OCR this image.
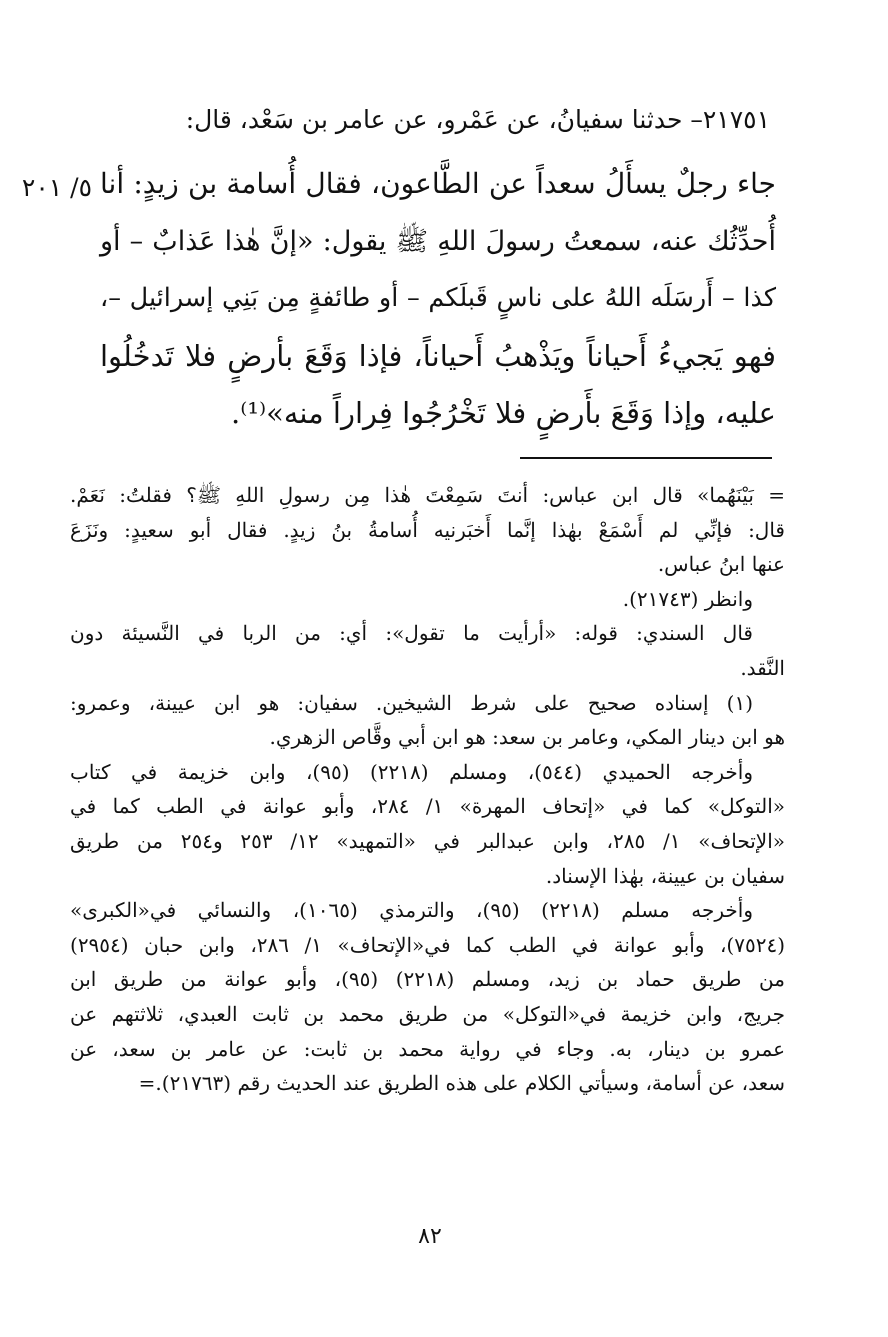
٢١٧٥١– حدثنا سفيانُ، عن عَمْرو، عن عامر بن سَعْد، قال:
٥/ ٢٠١ جاء رجلٌ يسأَلُ سعداً عن الطَّاعون، فقال أُسامة بن زيدٍ: أنا
أُحدِّثُك عنه، سمعتُ رسولَ اللهِ ﷺ يقول: «إنَّ هٰذا عَذابٌ – أو
كذا – أَرسَلَه اللهُ على ناسٍ قَبلَكم – أو طائفةٍ مِن بَنِي إسرائيل –،
فهو يَجيءُ أَحياناً ويَذْهبُ أَحياناً، فإذا وَقَعَ بأرضٍ فلا تَدخُلُوا
عليه، وإذا وَقَعَ بأَرضٍ فلا تَخْرُجُوا فِراراً منه»⁽¹⁾.
= بَيْنَهُما» قال ابن عباس: أنتَ سَمِعْتَ هٰذا مِن رسولِ اللهِ ﷺ؟ فقلتُ: نَعَمْ.
قال: فإنِّي لم أَسْمَعْ بهٰذا إنَّما أَخبَرنيه أُسامةُ بنُ زيدٍ. فقال أبو سعيدٍ: ونَزَعَ
عنها ابنُ عباس.
وانظر (٢١٧٤٣).
قال السندي: قوله: «أرأيت ما تقول»: أي: من الربا في النَّسيئة دون
النَّقد.
(١) إسناده صحيح على شرط الشيخين. سفيان: هو ابن عيينة، وعمرو:
هو ابن دينار المكي، وعامر بن سعد: هو ابن أبي وقَّاص الزهري.
وأخرجه الحميدي (٥٤٤)، ومسلم (٢٢١٨) (٩٥)، وابن خزيمة في كتاب
«التوكل» كما في «إتحاف المهرة» ١/ ٢٨٤، وأبو عوانة في الطب كما في
«الإتحاف» ١/ ٢٨٥، وابن عبدالبر في «التمهيد» ١٢/ ٢٥٣ و٢٥٤ من طريق
سفيان بن عيينة، بهٰذا الإسناد.
وأخرجه مسلم (٢٢١٨) (٩٥)، والترمذي (١٠٦٥)، والنسائي في«الكبرى»
(٧٥٢٤)، وأبو عوانة في الطب كما في«الإتحاف» ١/ ٢٨٦، وابن حبان (٢٩٥٤)
من طريق حماد بن زيد، ومسلم (٢٢١٨) (٩٥)، وأبو عوانة من طريق ابن
جريج، وابن خزيمة في«التوكل» من طريق محمد بن ثابت العبدي، ثلاثتهم عن
عمرو بن دينار، به. وجاء في رواية محمد بن ثابت: عن عامر بن سعد، عن
سعد، عن أسامة، وسيأتي الكلام على هذه الطريق عند الحديث رقم (٢١٧٦٣).=
٨٢
